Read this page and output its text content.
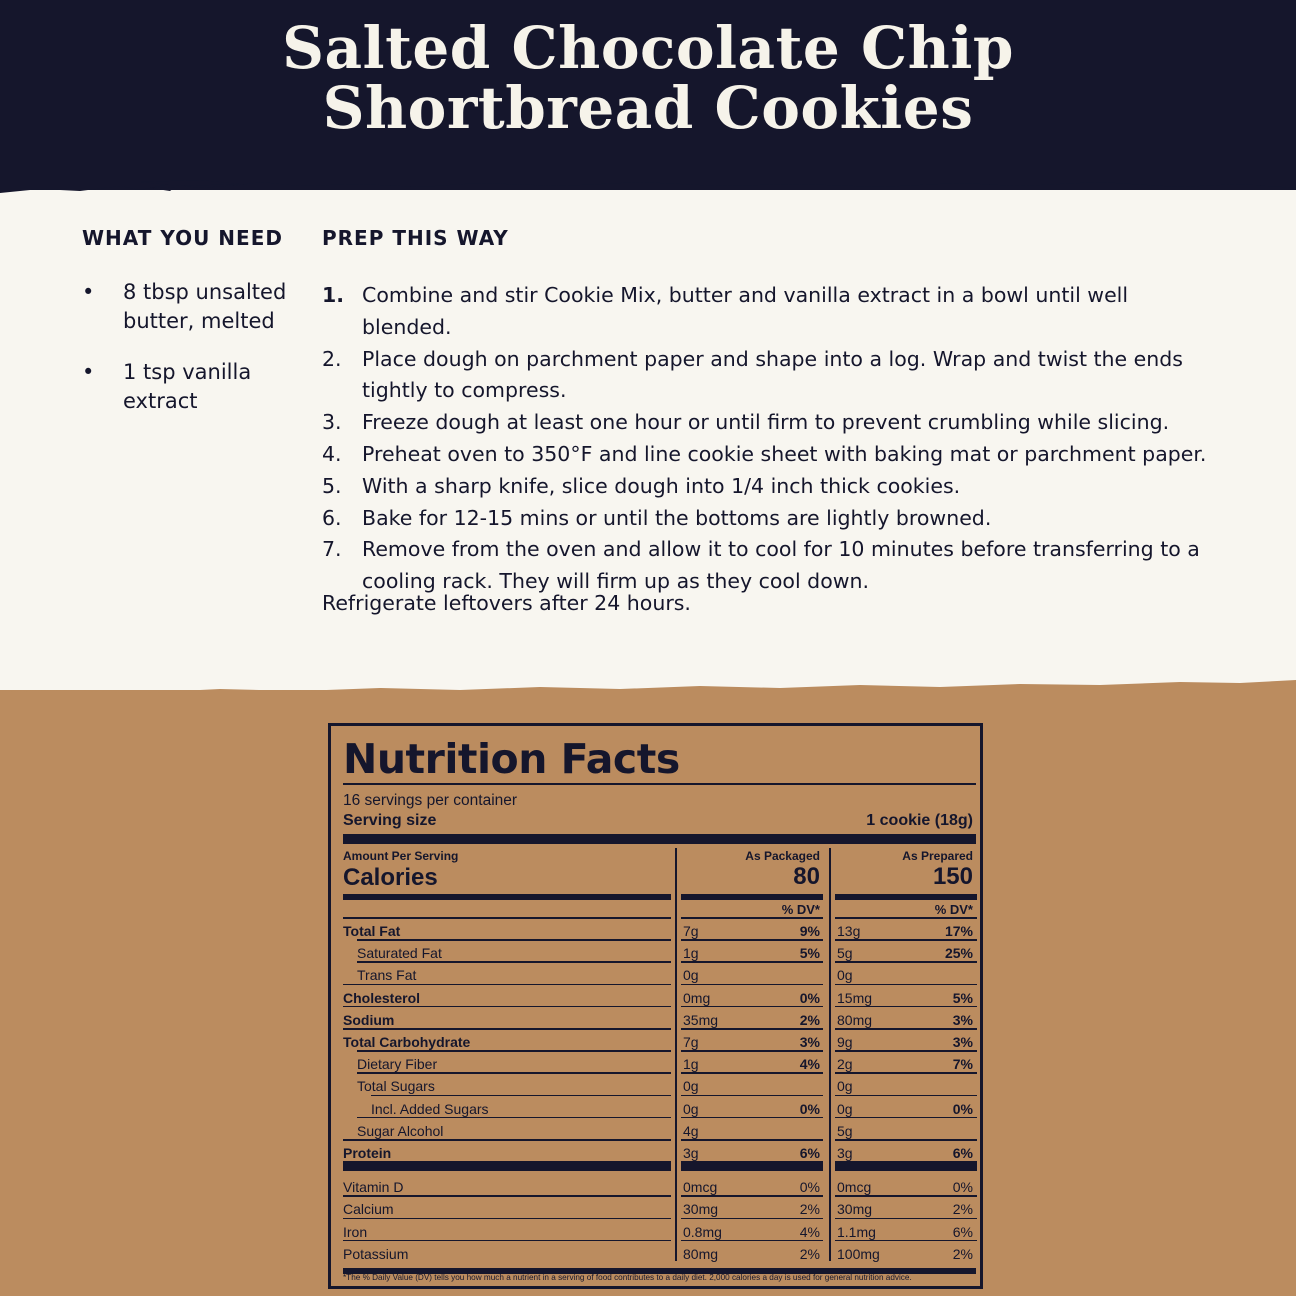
Salted Chocolate Chip
Shortbread Cookies
WHAT YOU NEED
• 8 tbsp unsalted
butter, melted
• 1 tsp vanilla
extract
PREP THIS WAY
1. Combine and stir Cookie Mix, butter and vanilla extract in a bowl until well blended.
2. Place dough on parchment paper and shape into a log. Wrap and twist the ends
tightly to compress.
3. Freeze dough at least one hour or until firm to prevent crumbling while slicing.
4. Preheat oven to 350°F and line cookie sheet with baking mat or parchment paper.
5. With a sharp knife, slice dough into 1/4 inch thick cookies.
6. Bake for 12-15 mins or until the bottoms are lightly browned.
7. Remove from the oven and allow it to cool for 10 minutes before transferring to a
cooling rack. They will firm up as they cool down.
Refrigerate leftovers after 24 hours.
Nutrition Facts
16 servings per container
Serving size	1 cookie (18g)
Amount Per Serving
Calories
As Packaged
80
As Prepared
150
% DV*	% DV*
Total Fat	7g	9% 13g	17%
Saturated Fat	1g	5% 5g	25%
Trans Fat	0g	0g
Cholesterol	0mg	0% 15mg	5%
Sodium	35mg	2% 80mg	3%
Total Carbohydrate	7g	3% 9g	3%
Dietary Fiber	1g	4% 2g	7%
Total Sugars	0g	0g
Incl. Added Sugars	0g	0% 0g	0%
Sugar Alcohol	4g	5g
Protein	3g	6% 3g	6%
Vitamin D	0mcg	0% 0mcg	0%
Calcium	30mg	2% 30mg	2%
Iron	0.8mg	4% 1.1mg	6%
Potassium	80mg	2% 100mg	2%
*The % Daily Value (DV) tells you how much a nutrient in a serving of food contributes to a daily diet. 2,000 calories a day is used for general nutrition advice.
